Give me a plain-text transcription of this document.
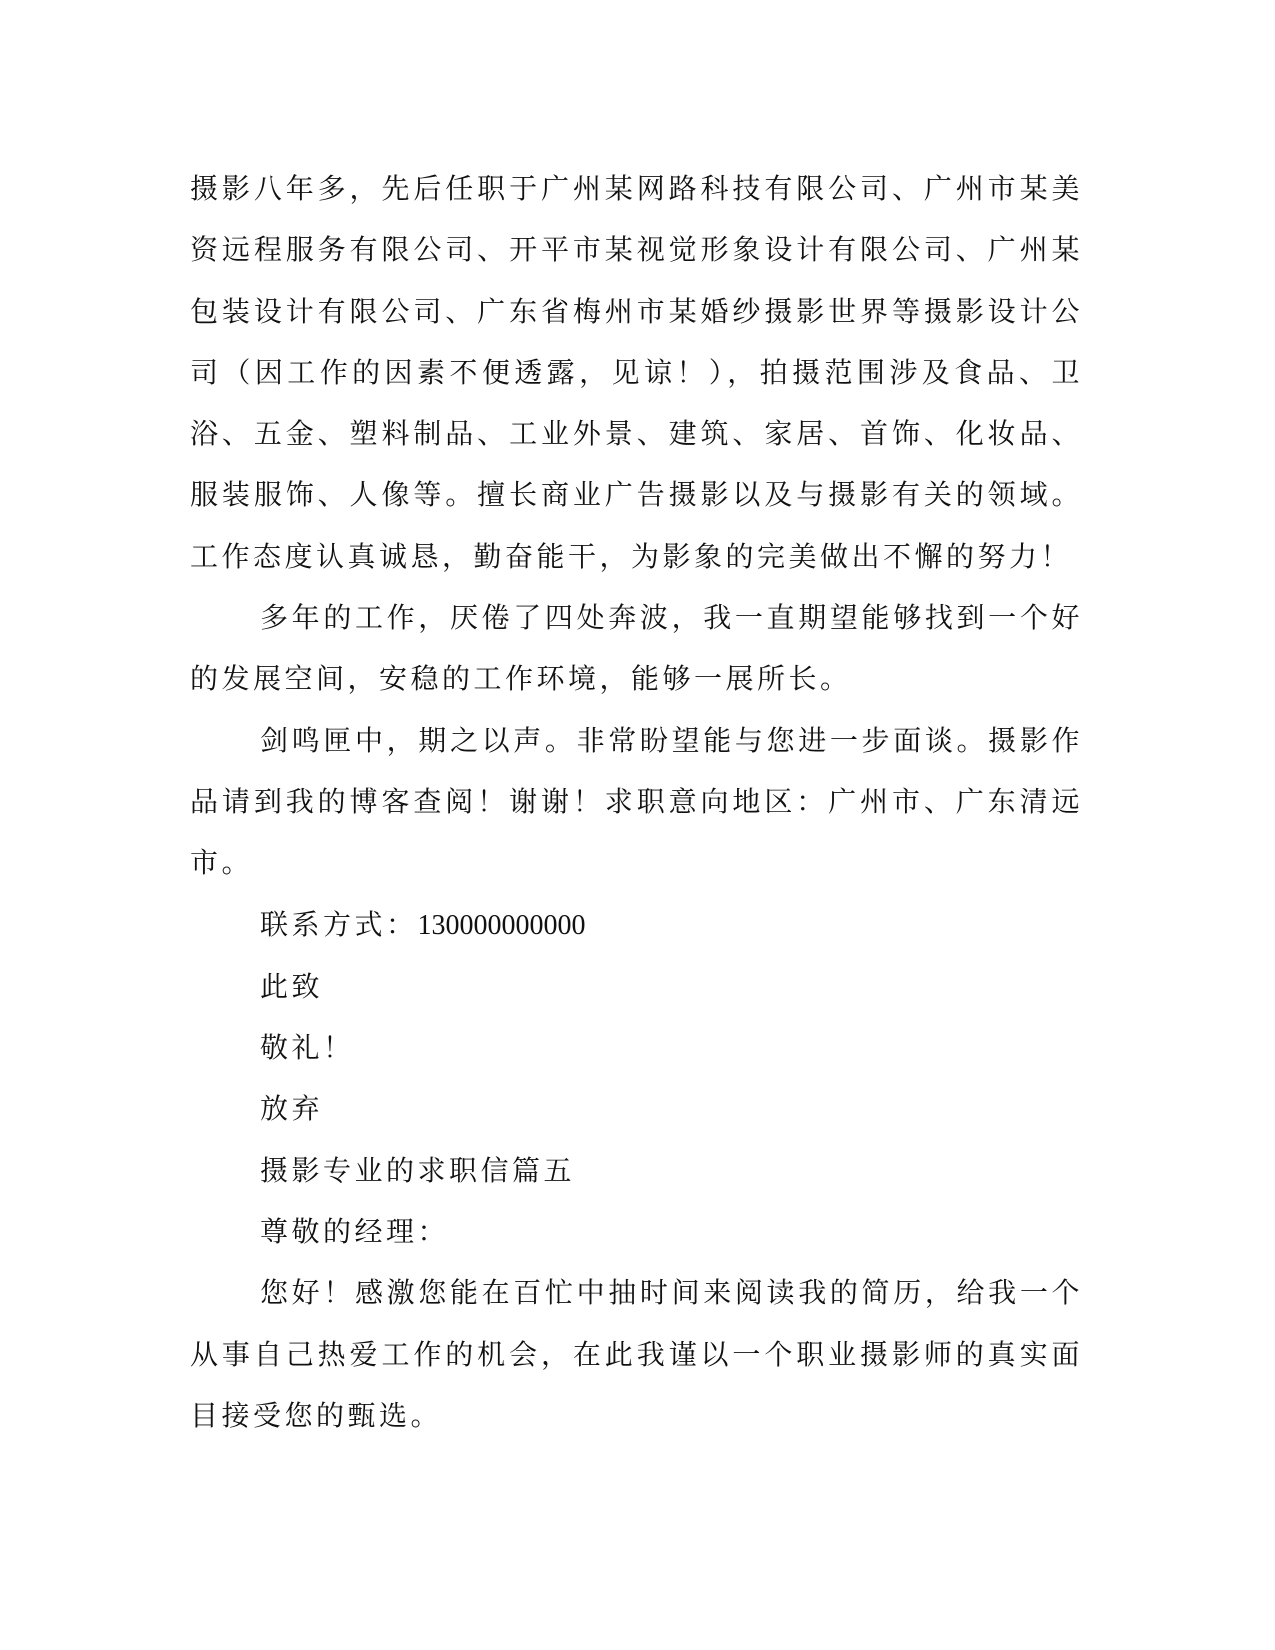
摄影八年多，先后任职于广州某网路科技有限公司、广州市某美资远程服务有限公司、开平市某视觉形象设计有限公司、广州某包装设计有限公司、广东省梅州市某婚纱摄影世界等摄影设计公司（因工作的因素不便透露，见谅！），拍摄范围涉及食品、卫浴、五金、塑料制品、工业外景、建筑、家居、首饰、化妆品、服装服饰、人像等。擅长商业广告摄影以及与摄影有关的领域。工作态度认真诚恳，勤奋能干，为影象的完美做出不懈的努力！

多年的工作，厌倦了四处奔波，我一直期望能够找到一个好的发展空间，安稳的工作环境，能够一展所长。

剑鸣匣中，期之以声。非常盼望能与您进一步面谈。摄影作品请到我的博客查阅！谢谢！求职意向地区：广州市、广东清远市。

联系方式：130000000000

此致

敬礼！

放弃

摄影专业的求职信篇五

尊敬的经理：

您好！感激您能在百忙中抽时间来阅读我的简历，给我一个从事自己热爱工作的机会，在此我谨以一个职业摄影师的真实面目接受您的甄选。
